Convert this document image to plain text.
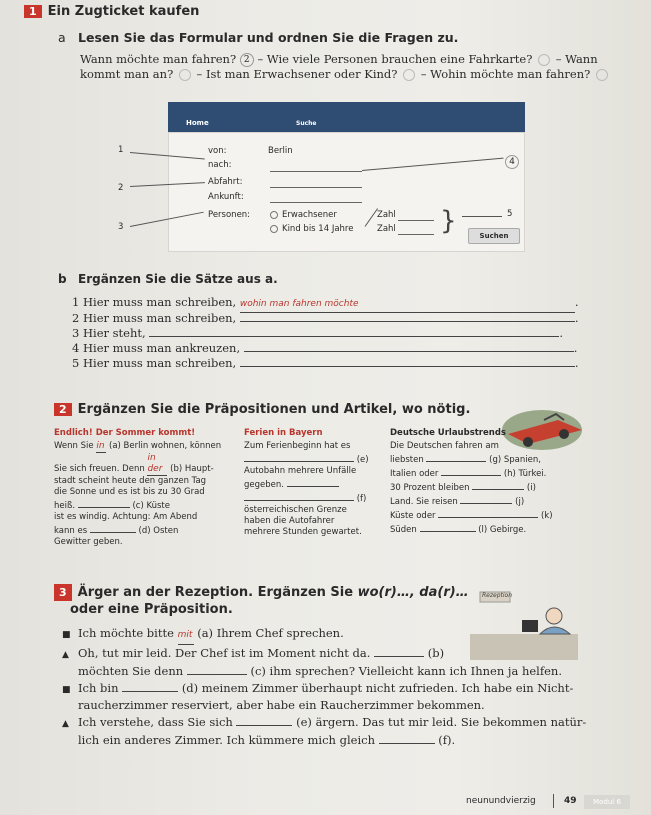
1 Ein Zugticket kaufen
a Lesen Sie das Formular und ordnen Sie die Fragen zu.
Wann möchte man fahren? 2 – Wie viele Personen brauchen eine Fahrkarte? – Wann
kommt man an? – Ist man Erwachsener oder Kind? – Wohin möchte man fahren?
Home	Suche
von:	Berlin
nach:
Abfahrt:
Ankunft:
Personen:	Erwachsener
Kind bis 14 Jahre
Zahl
Zahl }	Suchen
1
2
3
4
5
b Ergänzen Sie die Sätze aus a.
1 Hier muss man schreiben, wohin man fahren möchte	.
2 Hier muss man schreiben,	.
3 Hier steht,	.
4 Hier muss man ankreuzen,	.
5 Hier muss man schreiben,	.
2 Ergänzen Sie die Präpositionen und Artikel, wo nötig.
Endlich! Der Sommer kommt!
Wenn Sie in (a) Berlin wohnen, können
Sie sich freuen. Denn in der (b) Haupt-
stadt scheint heute den ganzen Tag
die Sonne und es ist bis zu 30 Grad
heiß.	(c) Küste
ist es windig. Achtung: Am Abend
kann es	(d) Osten
Gewitter geben.
Ferien in Bayern
Zum Ferienbeginn hat es
(e)
Autobahn mehrere Unfälle
gegeben.
(f)
österreichischen Grenze
haben die Autofahrer
mehrere Stunden gewartet.
Deutsche Urlaubstrends
Die Deutschen fahren am
liebsten	(g) Spanien,
Italien oder	(h) Türkei.
30 Prozent bleiben	(i)
Land. Sie reisen	(j)
Küste oder	(k)
Süden	(l) Gebirge.
3 Ärger an der Rezeption. Ergänzen Sie wo(r)…, da(r)…
oder eine Präposition.
Rezeption
■ Ich möchte bitte mit (a) Ihrem Chef sprechen.
▲ Oh, tut mir leid. Der Chef ist im Moment nicht da.	(b)
möchten Sie denn	(c) ihm sprechen? Vielleicht kann ich Ihnen ja helfen.
■ Ich bin	(d) meinem Zimmer überhaupt nicht zufrieden. Ich habe ein Nicht-
raucherzimmer reserviert, aber habe ein Raucherzimmer bekommen.
▲ Ich verstehe, dass Sie sich	(e) ärgern. Das tut mir leid. Sie bekommen natür-
lich ein anderes Zimmer. Ich kümmere mich gleich	(f).
neunundvierzig	49	Modul 6
